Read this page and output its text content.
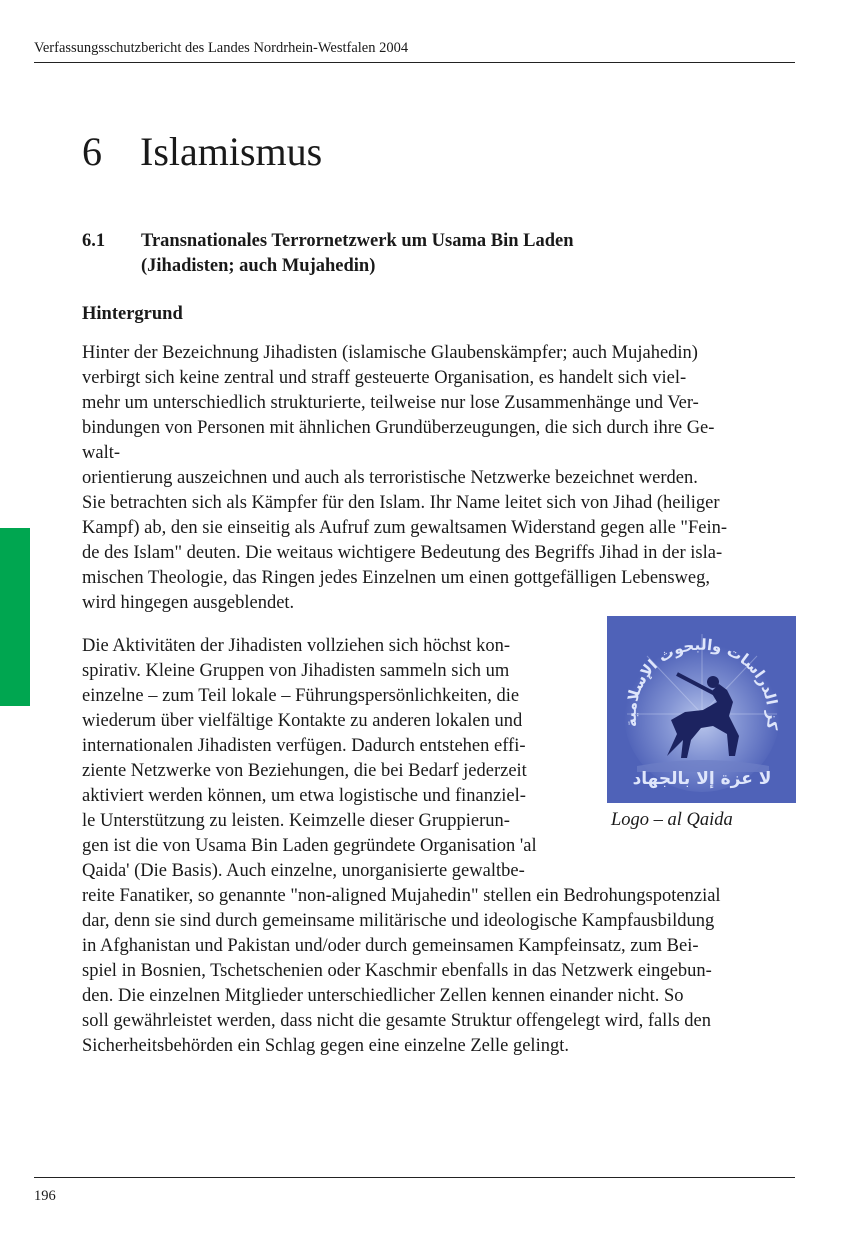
Verfassungsschutzbericht des Landes Nordrhein-Westfalen 2004
6 Islamismus
6.1 Transnationales Terrornetzwerk um Usama Bin Laden
(Jihadisten; auch Mujahedin)
Hintergrund
Hinter der Bezeichnung Jihadisten (islamische Glaubenskämpfer; auch Mujahedin)
verbirgt sich keine zentral und straff gesteuerte Organisation, es handelt sich viel-
mehr um unterschiedlich strukturierte, teilweise nur lose Zusammenhänge und Ver-
bindungen von Personen mit ähnlichen Grundüberzeugungen, die sich durch ihre Ge-
walt-
orientierung auszeichnen und auch als terroristische Netzwerke bezeichnet werden.
Sie betrachten sich als Kämpfer für den Islam. Ihr Name leitet sich von Jihad (heiliger
Kampf) ab, den sie einseitig als Aufruf zum gewaltsamen Widerstand gegen alle "Fein-
de des Islam" deuten. Die weitaus wichtigere Bedeutung des Begriffs Jihad in der isla-
mischen Theologie, das Ringen jedes Einzelnen um einen gottgefälligen Lebensweg,
wird hingegen ausgeblendet.
Die Aktivitäten der Jihadisten vollziehen sich höchst kon-
spirativ. Kleine Gruppen von Jihadisten sammeln sich um
einzelne – zum Teil lokale – Führungspersönlichkeiten, die
wiederum über vielfältige Kontakte zu anderen lokalen und
internationalen Jihadisten verfügen. Dadurch entstehen effi-
ziente Netzwerke von Beziehungen, die bei Bedarf jederzeit
aktiviert werden können, um etwa logistische und finanziel-
le Unterstützung zu leisten. Keimzelle dieser Gruppierun-
gen ist die von Usama Bin Laden gegründete Organisation 'al
Qaida' (Die Basis). Auch einzelne, unorganisierte gewaltbe-
reite Fanatiker, so genannte "non-aligned Mujahedin" stellen ein Bedrohungspotenzial
dar, denn sie sind durch gemeinsame militärische und ideologische Kampfausbildung
in Afghanistan und Pakistan und/oder durch gemeinsamen Kampfeinsatz, zum Bei-
spiel in Bosnien, Tschetschenien oder Kaschmir ebenfalls in das Netzwerk eingebun-
den. Die einzelnen Mitglieder unterschiedlicher Zellen kennen einander nicht. So
soll gewährleistet werden, dass nicht die gesamte Struktur offengelegt wird, falls den
Sicherheitsbehörden ein Schlag gegen eine einzelne Zelle gelingt.
كز الدراسات والبحوث الإسلامية
لا عزة إلا بالجهاد
Logo – al Qaida
196
